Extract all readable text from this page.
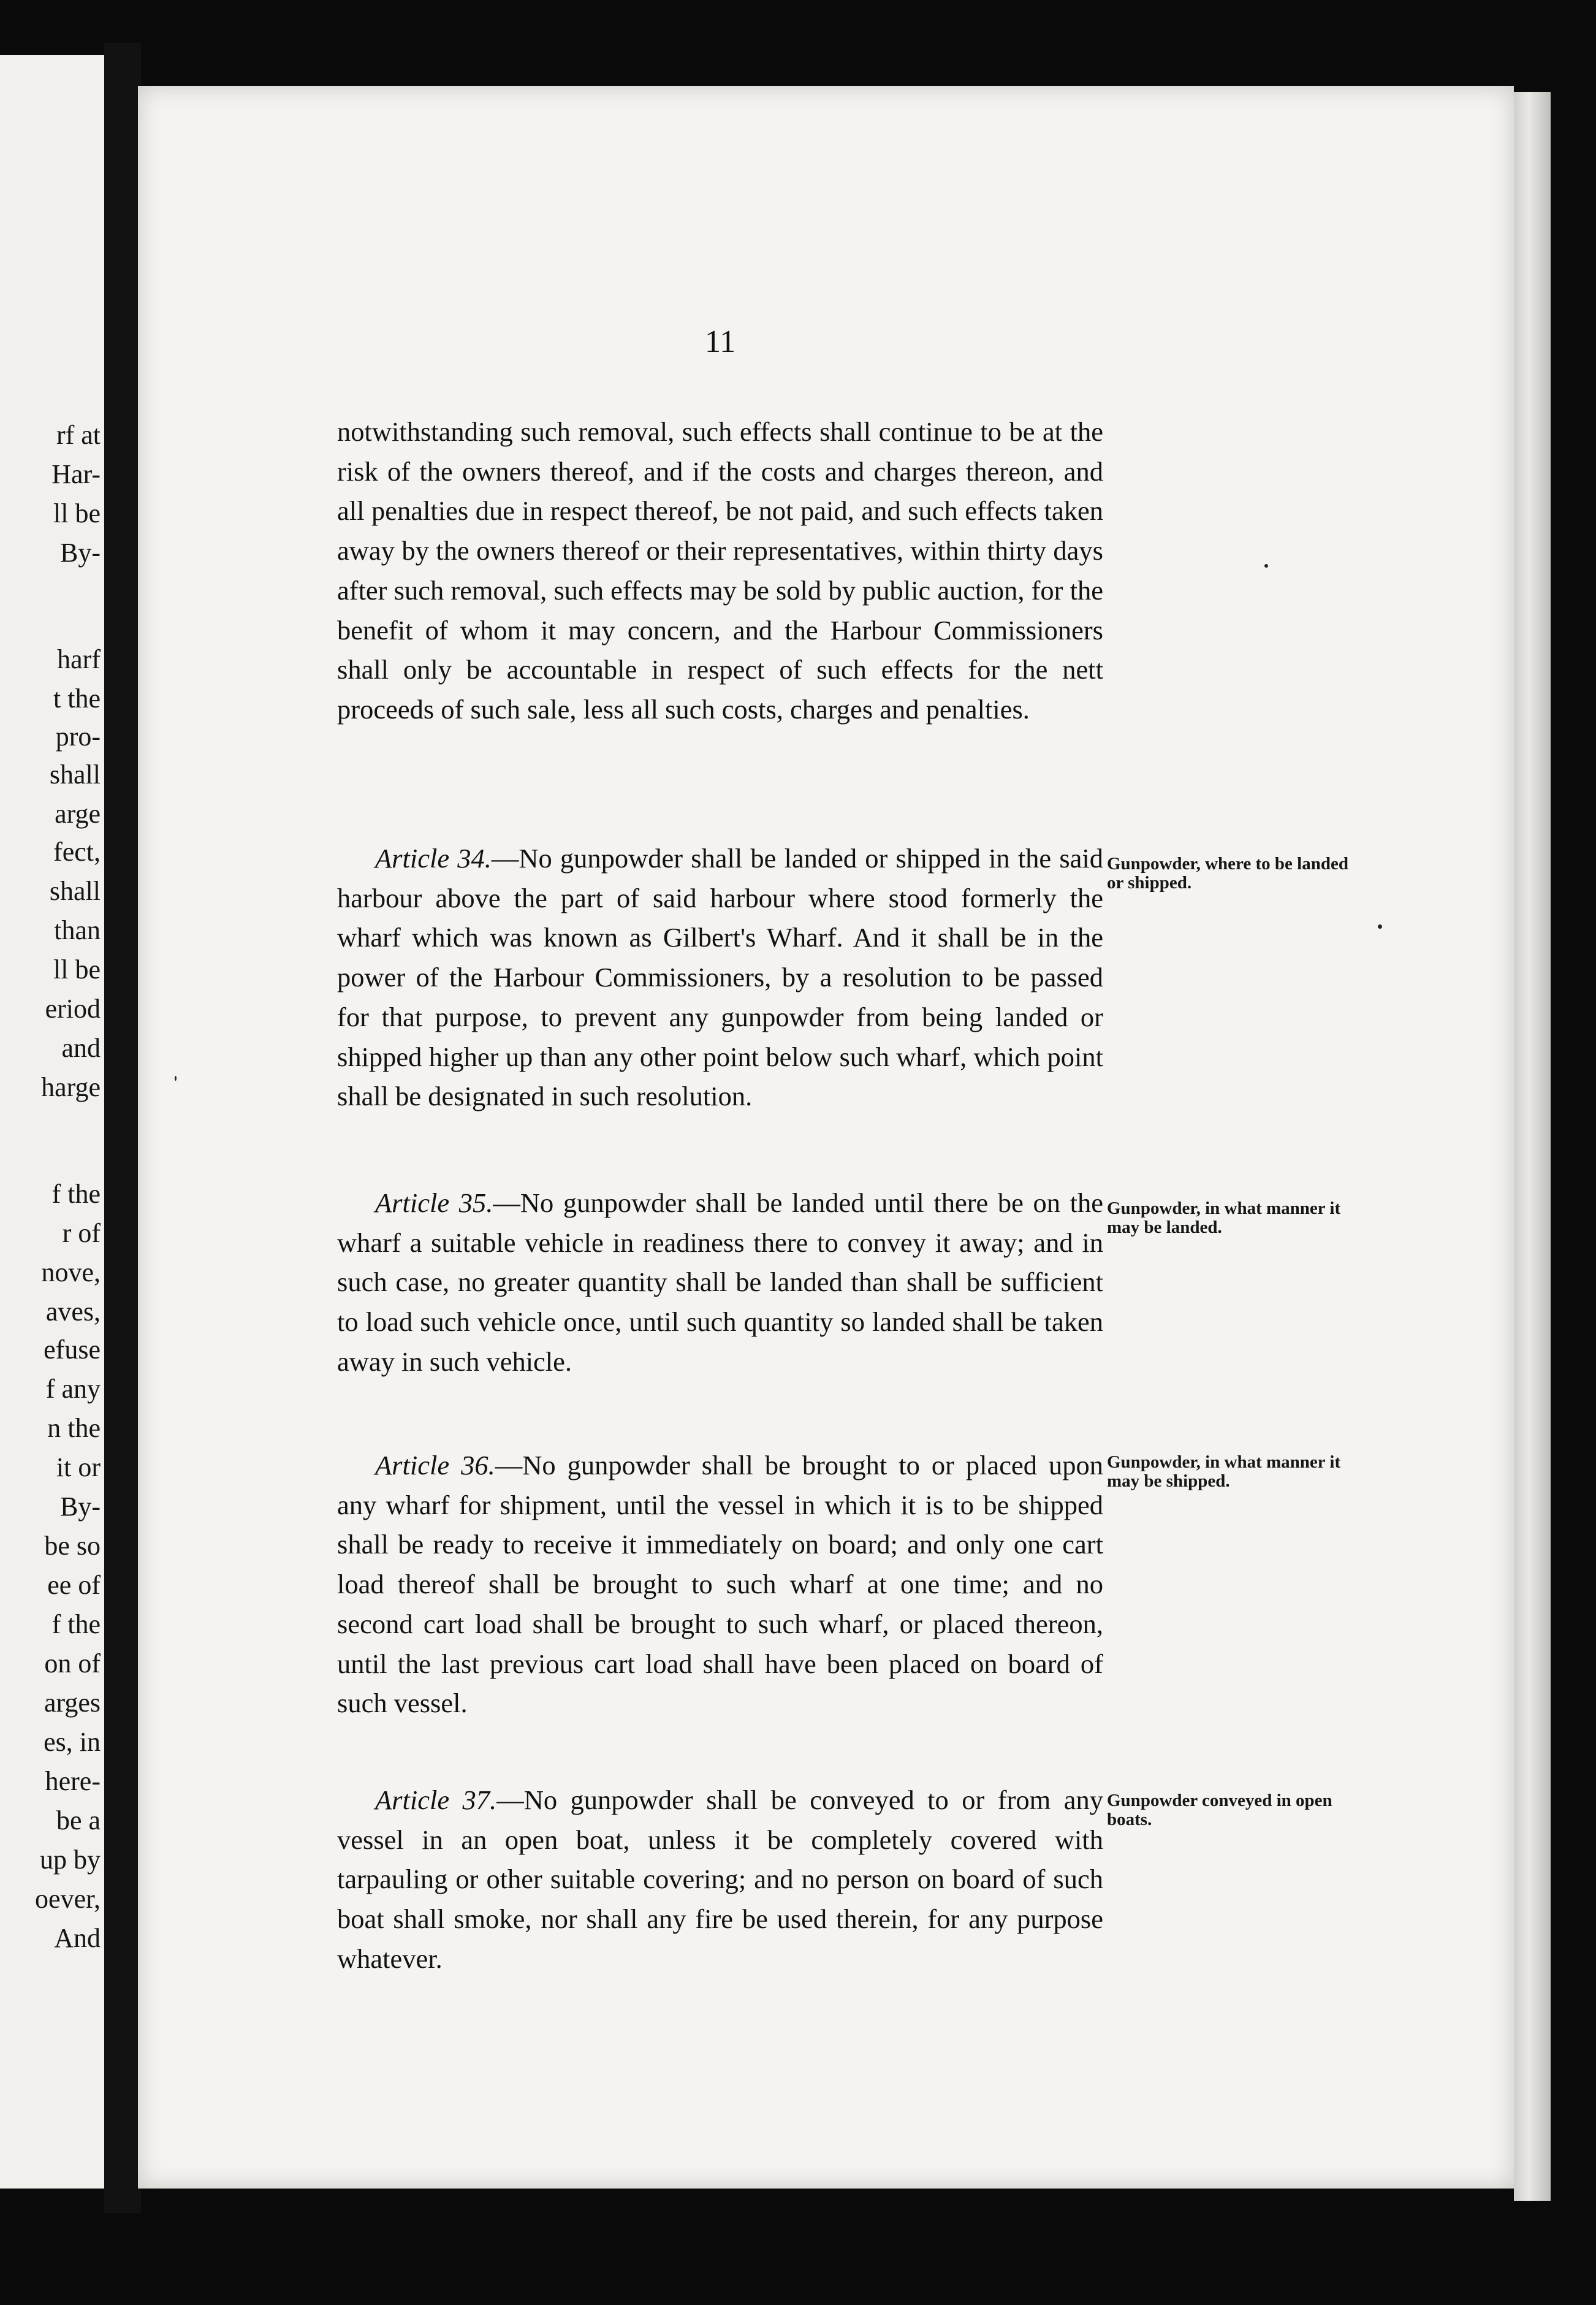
rf at
Har-
ll be
By-
harf
t the
pro-
shall
arge
fect,
shall
than
ll be
eriod
and
harge
f the
r of
nove,
aves,
efuse
f any
n the
it or
By-
be so
ee of
f the
on of
arges
es, in
here-
be a
up by
oever,
And
11

notwithstanding such removal, such effects shall continue to be at the risk of the owners thereof, and if the costs and charges thereon, and all penalties due in respect thereof, be not paid, and such effects taken away by the owners thereof or their representatives, within thirty days after such removal, such effects may be sold by public auction, for the benefit of whom it may concern, and the Harbour Commissioners shall only be accountable in respect of such effects for the nett proceeds of such sale, less all such costs, charges and penalties.

Article 34.—No gunpowder shall be landed or shipped in the said harbour above the part of said harbour where stood formerly the wharf which was known as Gilbert's Wharf. And it shall be in the power of the Harbour Commissioners, by a resolution to be passed for that purpose, to prevent any gunpowder from being landed or shipped higher up than any other point below such wharf, which point shall be designated in such resolution.

Gunpowder, where to be landed or shipped.

Article 35.—No gunpowder shall be landed until there be on the wharf a suitable vehicle in readiness there to convey it away; and in such case, no greater quantity shall be landed than shall be sufficient to load such vehicle once, until such quantity so landed shall be taken away in such vehicle.

Gunpowder, in what manner it may be landed.

Article 36.—No gunpowder shall be brought to or placed upon any wharf for shipment, until the vessel in which it is to be shipped shall be ready to receive it immediately on board; and only one cart load thereof shall be brought to such wharf at one time; and no second cart load shall be brought to such wharf, or placed thereon, until the last previous cart load shall have been placed on board of such vessel.

Gunpowder, in what manner it may be shipped.

Article 37.—No gunpowder shall be conveyed to or from any vessel in an open boat, unless it be completely covered with tarpauling or other suitable covering; and no person on board of such boat shall smoke, nor shall any fire be used therein, for any purpose whatever.

Gunpowder conveyed in open boats.
